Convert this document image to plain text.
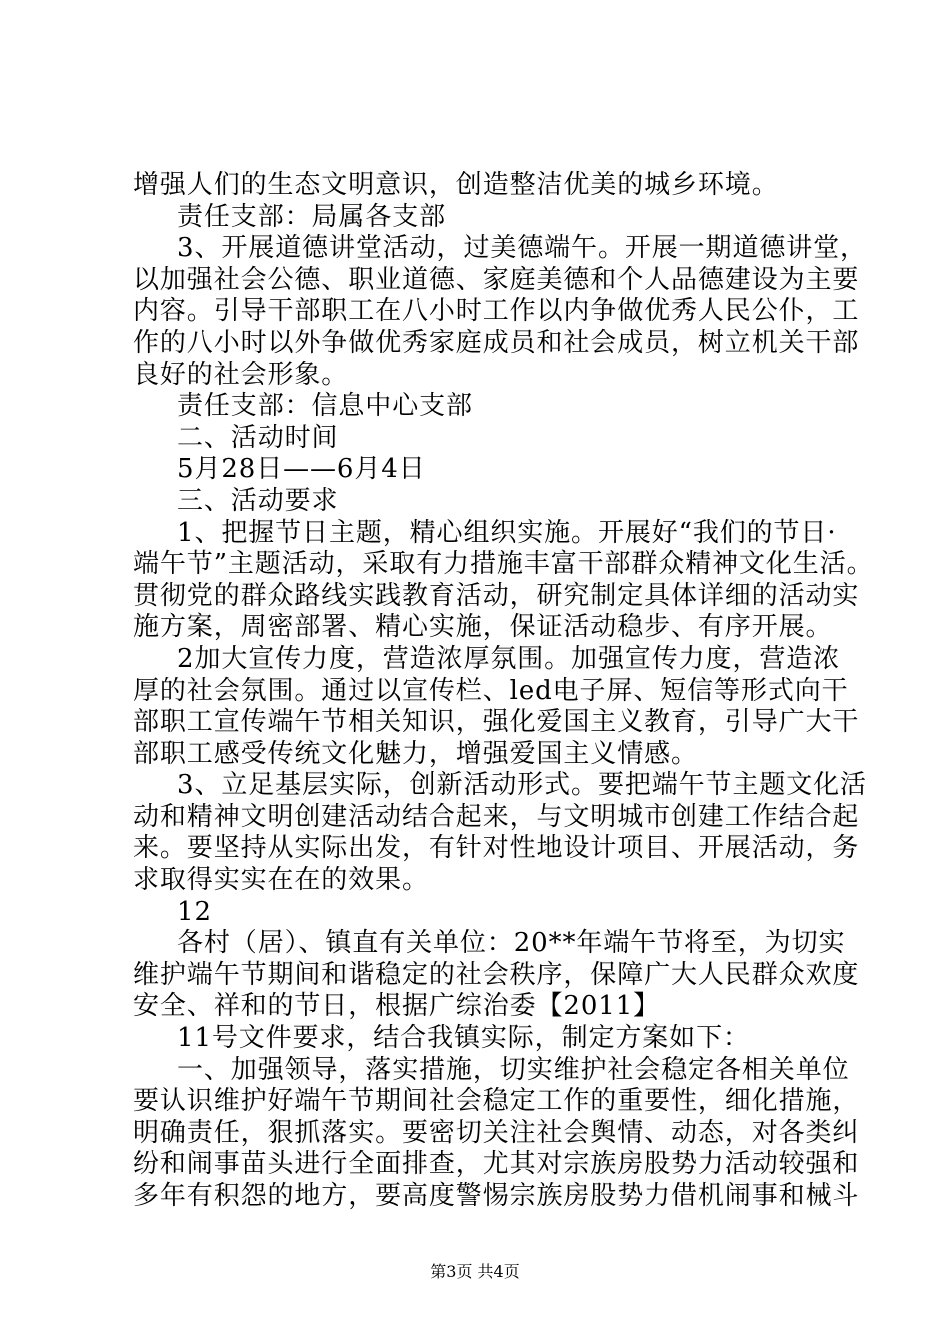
增强人们的生态文明意识，创造整洁优美的城乡环境。
责任支部：局属各支部
3、开展道德讲堂活动，过美德端午。开展一期道德讲堂，
以加强社会公德、职业道德、家庭美德和个人品德建设为主要
内容。引导干部职工在八小时工作以内争做优秀人民公仆，工
作的八小时以外争做优秀家庭成员和社会成员，树立机关干部
良好的社会形象。
责任支部：信息中心支部
二、活动时间
5月28日——6月4日
三、活动要求
1、把握节日主题，精心组织实施。开展好“我们的节日·
端午节”主题活动，采取有力措施丰富干部群众精神文化生活。
贯彻党的群众路线实践教育活动，研究制定具体详细的活动实
施方案，周密部署、精心实施，保证活动稳步、有序开展。
2加大宣传力度，营造浓厚氛围。加强宣传力度，营造浓
厚的社会氛围。通过以宣传栏、led电子屏、短信等形式向干
部职工宣传端午节相关知识，强化爱国主义教育，引导广大干
部职工感受传统文化魅力，增强爱国主义情感。
3、立足基层实际，创新活动形式。要把端午节主题文化活
动和精神文明创建活动结合起来，与文明城市创建工作结合起
来。要坚持从实际出发，有针对性地设计项目、开展活动，务
求取得实实在在的效果。
12
各村（居）、镇直有关单位：20**年端午节将至，为切实
维护端午节期间和谐稳定的社会秩序，保障广大人民群众欢度
安全、祥和的节日，根据广综治委【2011】
11号文件要求，结合我镇实际，制定方案如下：
一、加强领导，落实措施，切实维护社会稳定各相关单位
要认识维护好端午节期间社会稳定工作的重要性，细化措施，
明确责任，狠抓落实。要密切关注社会舆情、动态，对各类纠
纷和闹事苗头进行全面排查，尤其对宗族房股势力活动较强和
多年有积怨的地方，要高度警惕宗族房股势力借机闹事和械斗
第3页 共4页
